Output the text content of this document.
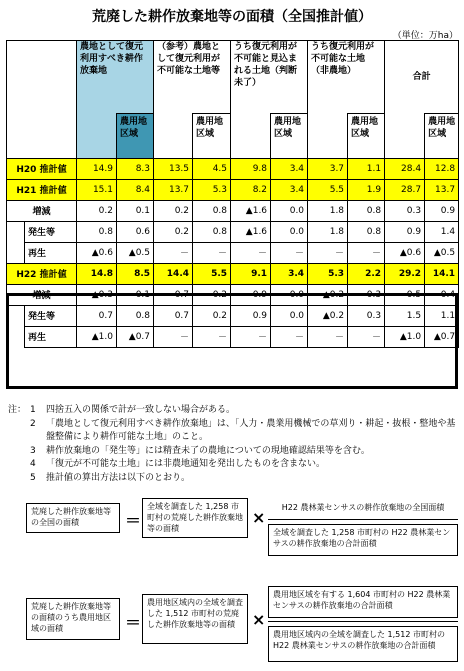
荒廃した耕作放棄地等の面積（全国推計値）
（単位：万ha）
		農地として復元利用すべき耕作放棄地		（参考）農地として復元利用が不可能な土地等		うち復元利用が不可能と見込まれる土地（判断未了）		うち復元利用が不可能な土地（非農地）		合計	
			農用地区域		農用地区域		農用地区域		農用地区域		農用地区域
H20 推計値		14.9	8.3	13.5	4.5	9.8	3.4	3.7	1.1	28.4	12.8
H21 推計値		15.1	8.4	13.7	5.3	8.2	3.4	5.5	1.9	28.7	13.7
増減		0.2	0.1	0.2	0.8	▲1.6	0.0	1.8	0.8	0.3	0.9
	発生等	0.8	0.6	0.2	0.8	▲1.6	0.0	1.8	0.8	0.9	1.4
	再生	▲0.6	▲0.5	－	－	－	－	－	－	▲0.6	▲0.5
H22 推計値		14.8	8.5	14.4	5.5	9.1	3.4	5.3	2.2	29.2	14.1
増減		▲0.3	0.1	0.7	0.2	0.9	0.0	▲0.2	0.3	0.5	0.4
	発生等	0.7	0.8	0.7	0.2	0.9	0.0	▲0.2	0.3	1.5	1.1
	再生	▲1.0	▲0.7	－	－	－	－	－	－	▲1.0	▲0.7
注： 1	四捨五入の関係で計が一致しない場合がある。
2	「農地として復元利用すべき耕作放棄地」は、「人力・農業用機械での草刈り・耕起・抜根・整地や基盤整備により耕作可能な土地」のこと。
3	耕作放棄地の「発生等」には精査未了の農地についての現地確認結果等を含む。
4	「復元が不可能な土地」には非農地通知を発出したものを含まない。
5	推計値の算出方法は以下のとおり。
荒廃した耕作放棄地等の全国の面積	＝
全域を調査した 1,258 市町村の荒廃した耕作放棄地等の面積
×
H22 農林業センサスの耕作放棄地の全国面積
全域を調査した 1,258 市町村の H22 農林業センサスの耕作放棄地の合計面積
荒廃した耕作放棄地等の面積のうち農用地区域の面積	＝
農用地区域内の全域を調査した 1,512 市町村の荒廃した耕作放棄地等の面積	×
農用地区域を有する 1,604 市町村の H22 農林業センサスの耕作放棄地の合計面積
農用地区域内の全域を調査した 1,512 市町村の H22 農林業センサスの耕作放棄地の合計面積
